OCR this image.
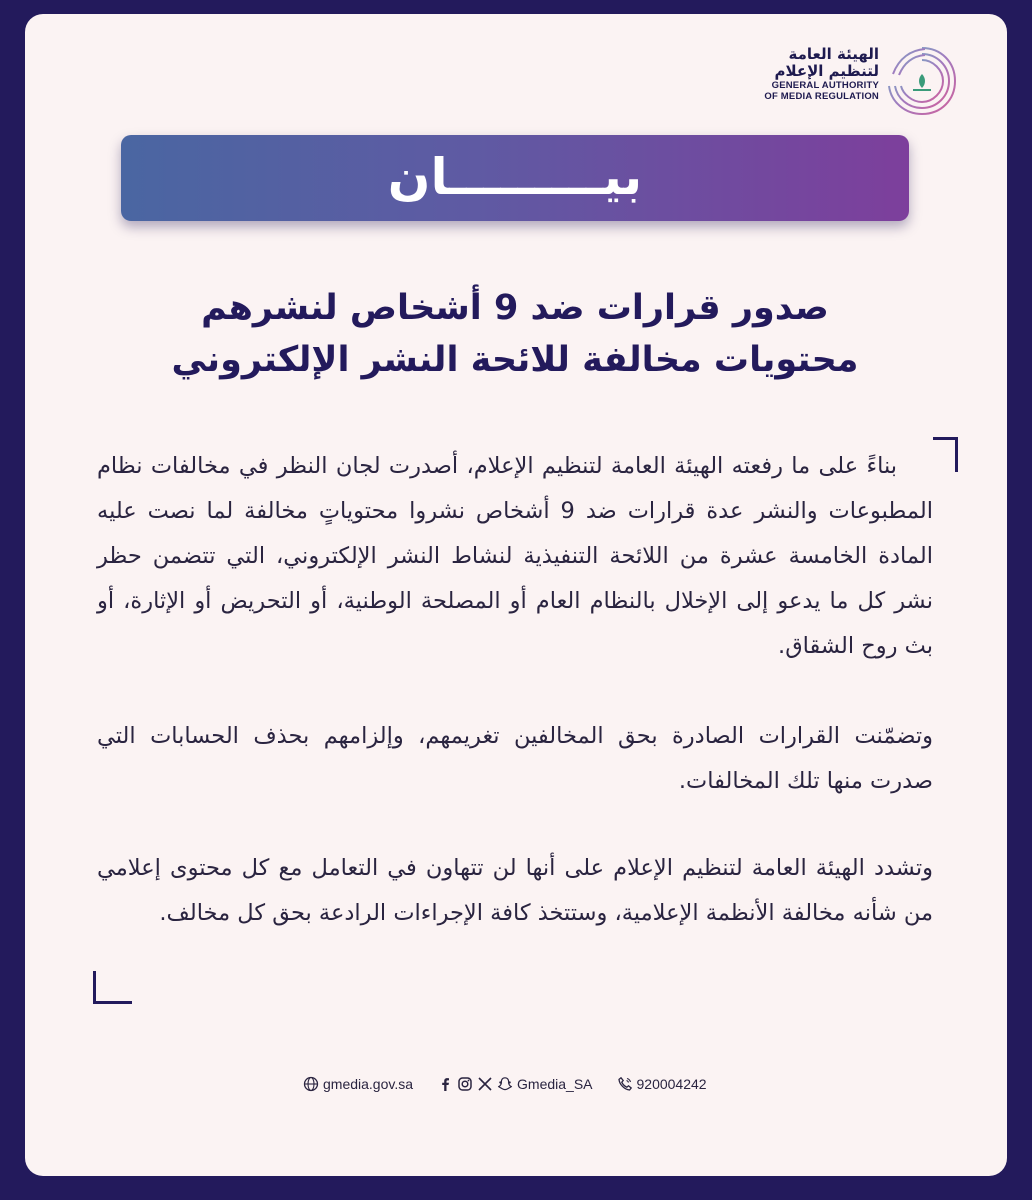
الهيئة العامة
لتنظيم الإعلام
GENERAL AUTHORITY
OF MEDIA REGULATION
بيـــــــــان
صدور قرارات ضد 9 أشخاص لنشرهم
محتويات مخالفة للائحة النشر الإلكتروني
بناءً على ما رفعته الهيئة العامة لتنظيم الإعلام، أصدرت لجان النظر في مخالفات نظام المطبوعات والنشر عدة قرارات ضد 9 أشخاص نشروا محتوياتٍ مخالفة لما نصت عليه المادة الخامسة عشرة من اللائحة التنفيذية لنشاط النشر الإلكتروني، التي تتضمن حظر نشر كل ما يدعو إلى الإخلال بالنظام العام أو المصلحة الوطنية، أو التحريض أو الإثارة، أو بث روح الشقاق.
وتضمّنت القرارات الصادرة بحق المخالفين تغريمهم، وإلزامهم بحذف الحسابات التي صدرت منها تلك المخالفات.
وتشدد الهيئة العامة لتنظيم الإعلام على أنها لن تتهاون في التعامل مع كل محتوى إعلامي من شأنه مخالفة الأنظمة الإعلامية، وستتخذ كافة الإجراءات الرادعة بحق كل مخالف.
gmedia.gov.sa	Gmedia_SA	920004242
